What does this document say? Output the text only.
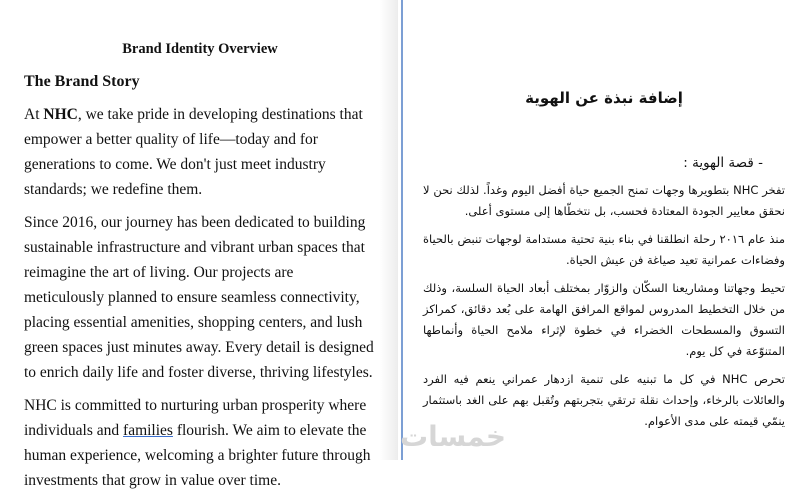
خمسات
Brand Identity Overview
The Brand Story

At NHC, we take pride in developing destinations that empower a better quality of life—today and for generations to come. We don't just meet industry standards; we redefine them.

Since 2016, our journey has been dedicated to building sustainable infrastructure and vibrant urban spaces that reimagine the art of living. Our projects are meticulously planned to ensure seamless connectivity, placing essential amenities, shopping centers, and lush green spaces just minutes away. Every detail is designed to enrich daily life and foster diverse, thriving lifestyles.

NHC is committed to nurturing urban prosperity where individuals and families flourish. We aim to elevate the human experience, welcoming a brighter future through investments that grow in value over time.

إضافة نبذة عن الهوية
- قصة الهوية :

تفخر NHC بتطويرها وجهات تمنح الجميع حياة أفضل اليوم وغداً. لذلك نحن لا نحقق معايير الجودة المعتادة فحسب، بل نتخطّاها إلى مستوى أعلى.

منذ عام ٢٠١٦ رحلة انطلقنا في بناء بنية تحتية مستدامة لوجهات تنبض بالحياة وفضاءات عمرانية تعيد صياغة فن عيش الحياة.

تحيط وجهاتنا ومشاريعنا السكّان والزوّار بمختلف أبعاد الحياة السلسة، وذلك من خلال التخطيط المدروس لمواقع المرافق الهامة على بُعد دقائق، كمراكز التسوق والمسطحات الخضراء في خطوة لإثراء ملامح الحياة وأنماطها المتنوّعة في كل يوم.

تحرص NHC في كل ما تبنيه على تنمية ازدهار عمراني ينعم فيه الفرد والعائلات بالرخاء، وإحداث نقلة ترتقي بتجربتهم وتُقبل بهم على الغد باستثمار ينمّي قيمته على مدى الأعوام.
